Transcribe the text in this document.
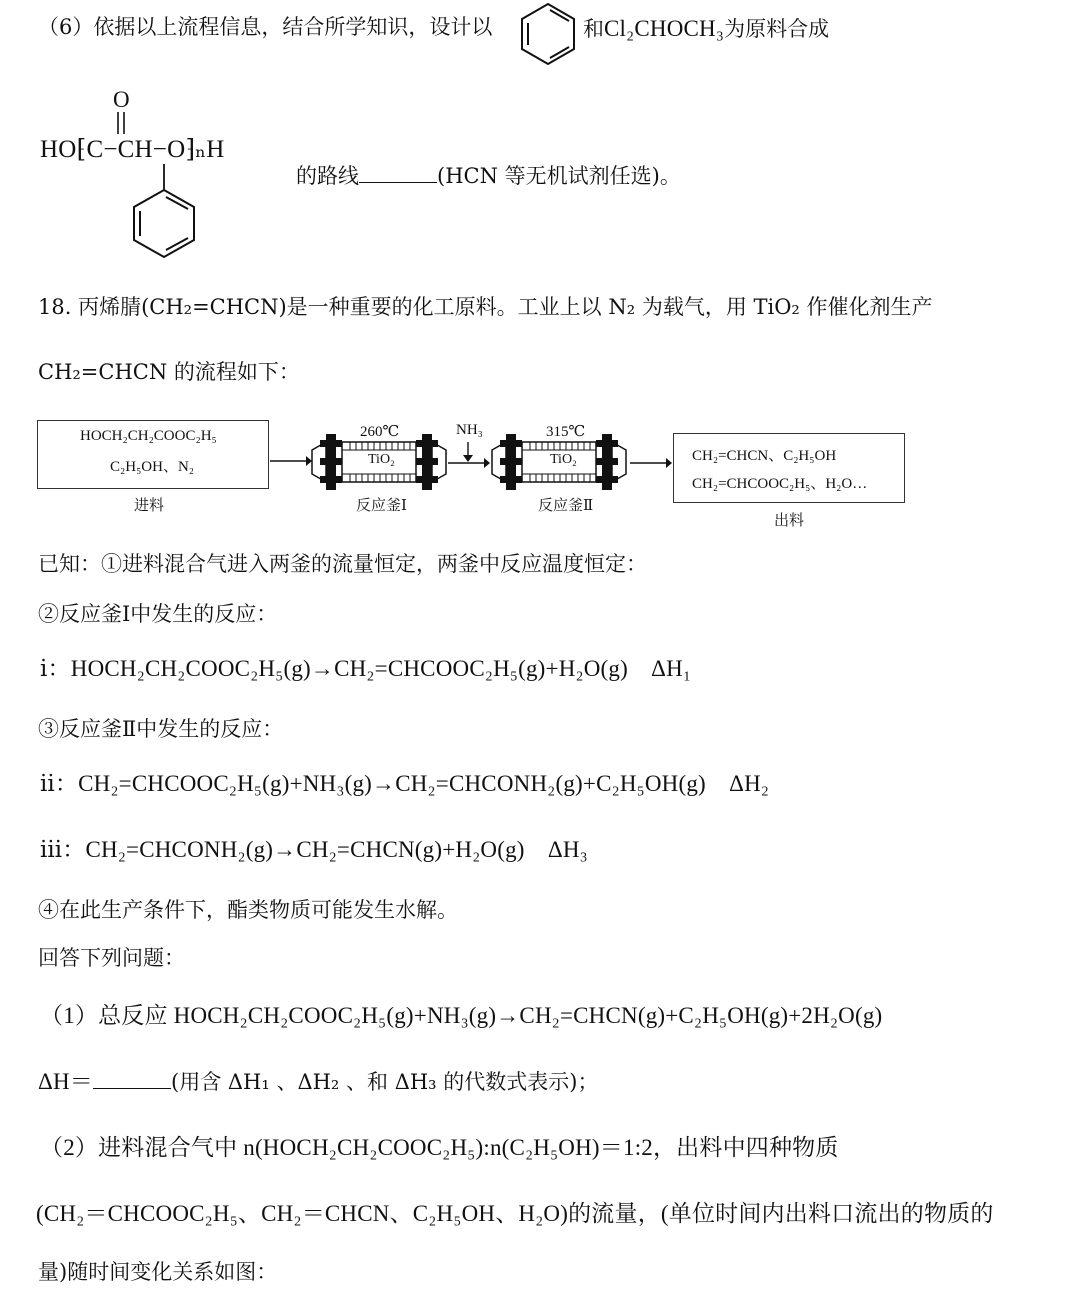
（6）依据以上流程信息，结合所学知识，设计以	和Cl₂CHOCH₃为原料合成
O
HO⁅C−CH−O⁆ₙH
的路线	(HCN 等无机试剂任选)。
18. 丙烯腈(CH₂=CHCN)是一种重要的化工原料。工业上以 N₂ 为载气，用 TiO₂ 作催化剂生产
CH₂=CHCN 的流程如下：
HOCH₂CH₂COOC₂H₅
C₂H₅OH、N₂
进料
260℃
TiO₂
反应釜Ⅰ
NH₃	315℃
TiO₂
反应釜Ⅱ
CH₂=CHCN、C₂H₅OH
CH₂=CHCOOC₂H₅、H₂O…
出料
已知：①进料混合气进入两釜的流量恒定，两釜中反应温度恒定：
②反应釜Ⅰ中发生的反应：
ⅰ：HOCH₂CH₂COOC₂H₅(g)→CH₂=CHCOOC₂H₅(g)+H₂O(g)　ΔH₁
③反应釜Ⅱ中发生的反应：
ⅱ：CH₂=CHCOOC₂H₅(g)+NH₃(g)→CH₂=CHCONH₂(g)+C₂H₅OH(g)　ΔH₂
ⅲ：CH₂=CHCONH₂(g)→CH₂=CHCN(g)+H₂O(g)　ΔH₃
④在此生产条件下，酯类物质可能发生水解。
回答下列问题：
（1）总反应 HOCH₂CH₂COOC₂H₅(g)+NH₃(g)→CH₂=CHCN(g)+C₂H₅OH(g)+2H₂O(g)
ΔH＝	(用含 ΔH₁ 、ΔH₂ 、和 ΔH₃ 的代数式表示)；
（2）进料混合气中 n(HOCH₂CH₂COOC₂H₅):n(C₂H₅OH)＝1:2，出料中四种物质
(CH₂＝CHCOOC₂H₅、CH₂＝CHCN、C₂H₅OH、H₂O)的流量，(单位时间内出料口流出的物质的
量)随时间变化关系如图：
